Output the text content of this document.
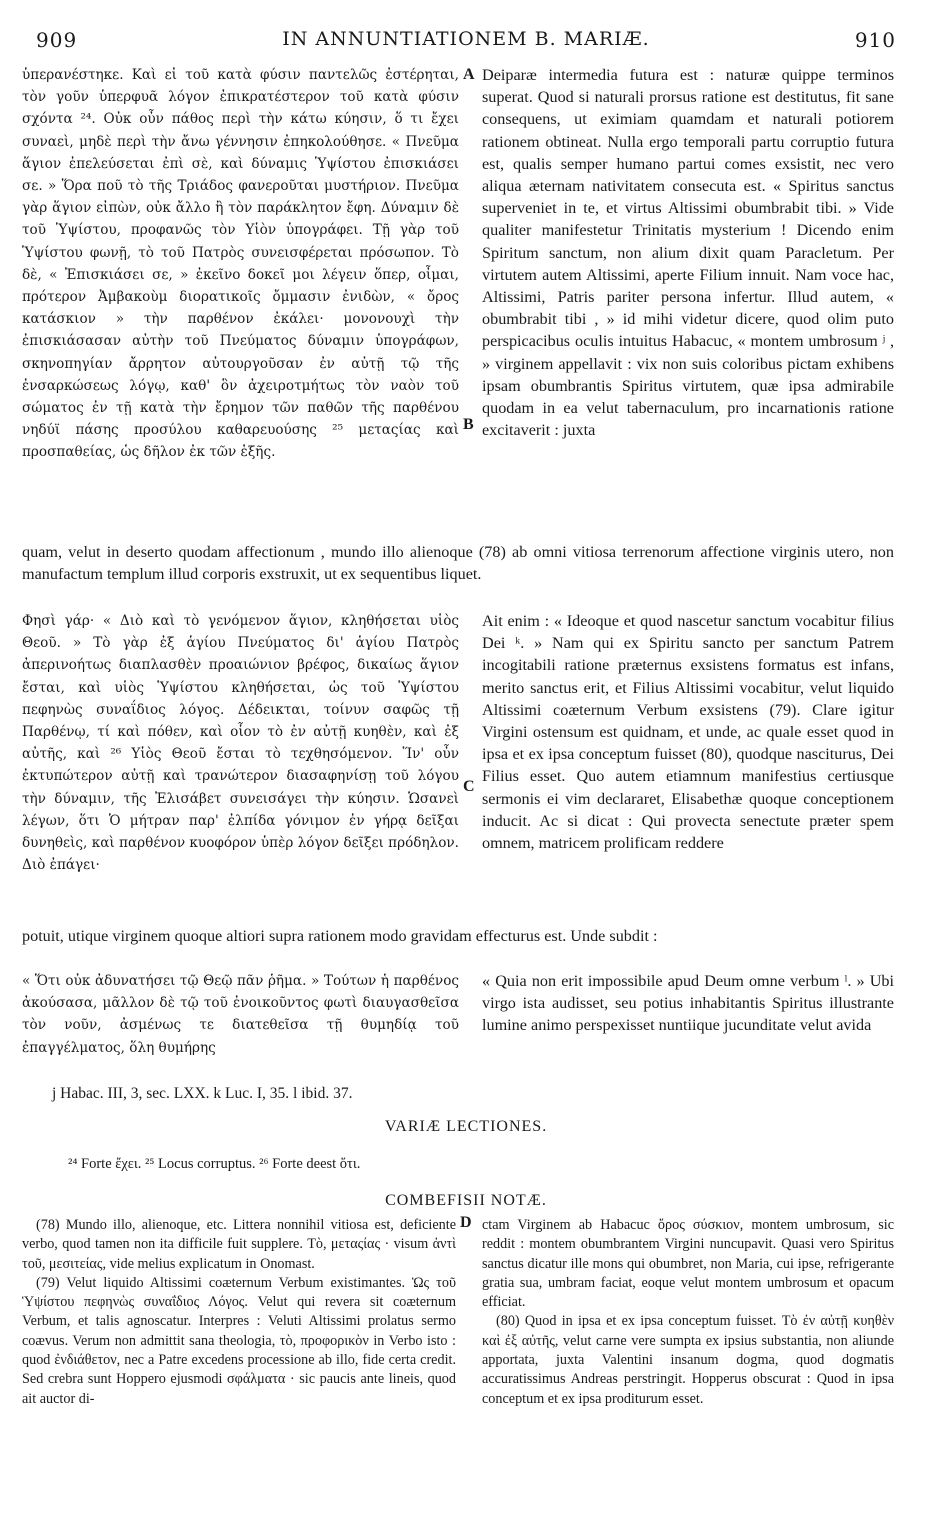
909	IN ANNUNTIATIONEM B. MARIÆ.	910

ὑπερανέστηκε. Καὶ εἰ τοῦ κατὰ φύσιν παντελῶς ἐστέρηται, τὸν γοῦν ὑπερφυᾶ λόγον ἐπικρατέστερον τοῦ κατὰ φύσιν σχόντα ²⁴. Οὐκ οὖν πάθος περὶ τὴν κάτω κύησιν, ὅ τι ἔχει συναεὶ, μηδὲ περὶ τὴν ἄνω γέννησιν ἐπηκολούθησε. « Πνεῦμα ἅγιον ἐπελεύσεται ἐπὶ σὲ, καὶ δύναμις Ὑψίστου ἐπισκιάσει σε. » Ὅρα ποῦ τὸ τῆς Τριάδος φανεροῦται μυστήριον. Πνεῦμα γὰρ ἅγιον εἰπὼν, οὐκ ἄλλο ἢ τὸν παράκλητον ἔφη. Δύναμιν δὲ τοῦ Ὑψίστου, προφανῶς τὸν Υἱὸν ὑπογράφει. Τῇ γὰρ τοῦ Ὑψίστου φωνῇ, τὸ τοῦ Πατρὸς συνεισφέρεται πρόσωπον. Τὸ δὲ, « Ἐπισκιάσει σε, » ἐκεῖνο δοκεῖ μοι λέγειν ὅπερ, οἶμαι, πρότερον Ἀμβακοὺμ διορατικοῖς ὄμμασιν ἐνιδὼν, « ὄρος κατάσκιον » τὴν παρθένον ἐκάλει· μονονουχὶ τὴν ἐπισκιάσασαν αὐτὴν τοῦ Πνεύματος δύναμιν ὑπογράφων, σκηνοπηγίαν ἄρρητον αὐτουργοῦσαν ἐν αὐτῇ τῷ τῆς ἐνσαρκώσεως λόγῳ, καθ' ὃν ἀχειροτμήτως τὸν ναὸν τοῦ σώματος ἐν τῇ κατὰ τὴν ἔρημον τῶν παθῶν τῆς παρθένου νηδύϊ πάσης προσύλου καθαρευούσης ²⁵ μεταςίας καὶ προσπαθείας, ὡς δῆλον ἐκ τῶν ἑξῆς.

A Deiparæ intermedia futura est : naturæ quippe terminos superat. Quod si naturali prorsus ratione est destitutus, fit sane consequens, ut eximiam quamdam et naturali potiorem rationem obtineat. Nulla ergo temporali partu corruptio futura est, qualis semper humano partui comes exsistit, nec vero aliqua æternam nativitatem consecuta est. « Spiritus sanctus superveniet in te, et virtus Altissimi obumbrabit tibi. » Vide qualiter manifestetur Trinitatis mysterium ! Dicendo enim Spiritum sanctum, non alium dixit quam Paracletum. Per virtutem autem Altissimi, aperte Filium innuit. Nam voce hac, Altissimi, Patris pariter persona infertur. Illud autem, « obumbrabit tibi , » id mihi videtur dicere, quod olim puto perspicacibus oculis intuitus Habacuc, « montem umbrosum ʲ , » virginem appellavit : vix non suis coloribus pictam exhibens ipsam obumbrantis Spiritus virtutem, quæ ipsa admirabile quodam in ea velut tabernaculum, pro incarnationis ratione excitaverit : juxta

B

quam, velut in deserto quodam affectionum , mundo illo alienoque (78) ab omni vitiosa terrenorum affectione virginis utero, non manufactum templum illud corporis exstruxit, ut ex sequentibus liquet.

Φησὶ γάρ· « Διὸ καὶ τὸ γενόμενον ἅγιον, κληθήσεται υἱὸς Θεοῦ. » Τὸ γὰρ ἐξ ἁγίου Πνεύματος δι' ἁγίου Πατρὸς ἀπερινοήτως διαπλασθὲν προαιώνιον βρέφος, δικαίως ἅγιον ἔσται, καὶ υἱὸς Ὑψίστου κληθήσεται, ὡς τοῦ Ὑψίστου πεφηνὼς συναΐδιος λόγος. Δέδεικται, τοίνυν σαφῶς τῇ Παρθένῳ, τί καὶ πόθεν, καὶ οἷον τὸ ἐν αὐτῇ κυηθὲν, καὶ ἐξ αὐτῆς, καὶ ²⁶ Υἱὸς Θεοῦ ἔσται τὸ τεχθησόμενον. Ἵν' οὖν ἐκτυπώτερον αὐτῇ καὶ τρανώτερον διασαφηνίσῃ τοῦ λόγου τὴν δύναμιν, τῆς Ἐλισάβετ συνεισάγει τὴν κύησιν. Ὡσανεὶ λέγων, ὅτι Ὁ μήτραν παρ' ἐλπίδα γόνιμον ἐν γήρᾳ δεῖξαι δυνηθεὶς, καὶ παρθένον κυοφόρον ὑπὲρ λόγον δεῖξει πρόδηλον. Διὸ ἐπάγει·

C

Ait enim : « Ideoque et quod nascetur sanctum vocabitur filius Dei ᵏ. » Nam qui ex Spiritu sancto per sanctum Patrem incogitabili ratione præternus exsistens formatus est infans, merito sanctus erit, et Filius Altissimi vocabitur, velut liquido Altissimi coæternum Verbum exsistens (79). Clare igitur Virgini ostensum est quidnam, et unde, ac quale esset quod in ipsa et ex ipsa conceptum fuisset (80), quodque nasciturus, Dei Filius esset. Quo autem etiamnum manifestius certiusque sermonis ei vim declararet, Elisabethæ quoque conceptionem inducit. Ac si dicat : Qui provecta senectute præter spem omnem, matricem prolificam reddere

potuit, utique virginem quoque altiori supra rationem modo gravidam effecturus est. Unde subdit :

« Ὅτι οὐκ ἀδυνατήσει τῷ Θεῷ πᾶν ῥῆμα. » Τούτων ἡ παρθένος ἀκούσασα, μᾶλλον δὲ τῷ τοῦ ἐνοικοῦντος φωτὶ διαυγασθεῖσα τὸν νοῦν, ἀσμένως τε διατεθεῖσα τῇ θυμηδίᾳ τοῦ ἐπαγγέλματος, ὅλη θυμήρης

« Quia non erit impossibile apud Deum omne verbum ˡ. » Ubi virgo ista audisset, seu potius inhabitantis Spiritus illustrante lumine animo perspexisset nuntiique jucunditate velut avida

j Habac. III, 3, sec. LXX. k Luc. I, 35. l ibid. 37.
VARIÆ LECTIONES.
²⁴ Forte ἔχει. ²⁵ Locus corruptus. ²⁶ Forte deest ὅτι.
COMBEFISII NOTÆ.

(78) Mundo illo, alienoque, etc. Littera nonnihil vitiosa est, deficiente verbo, quod tamen non ita difficile fuit supplere. Τὸ, μεταςίας · visum ἀντὶ τοῦ, μεσιτείας, vide melius explicatum in Onomast.

(79) Velut liquido Altissimi coæternum Verbum existimantes. Ὡς τοῦ Ὑψίστου πεφηνὼς συναΐδιος Λόγος. Velut qui revera sit coæternum Verbum, et talis agnoscatur. Interpres : Veluti Altissimi prolatus sermo coævus. Verum non admittit sana theologia, τὸ, προφορικὸν in Verbo isto : quod ἐνδιάθετον, nec a Patre excedens processione ab illo, fide certa credit. Sed crebra sunt Hoppero ejusmodi σφάλματα · sic paucis ante lineis, quod ait auctor di-

D ctam Virginem ab Habacuc ὄρος σύσκιον, montem umbrosum, sic reddit : montem obumbrantem Virgini nuncupavit. Quasi vero Spiritus sanctus dicatur ille mons qui obumbret, non Maria, cui ipse, refrigerante gratia sua, umbram faciat, eoque velut montem umbrosum et opacum efficiat.

(80) Quod in ipsa et ex ipsa conceptum fuisset. Τὸ ἐν αὐτῇ κυηθὲν καὶ ἐξ αὐτῆς, velut carne vere sumpta ex ipsius substantia, non aliunde apportata, juxta Valentini insanum dogma, quod dogmatis accuratissimus Andreas perstringit. Hopperus obscurat : Quod in ipsa conceptum et ex ipsa proditurum esset.
